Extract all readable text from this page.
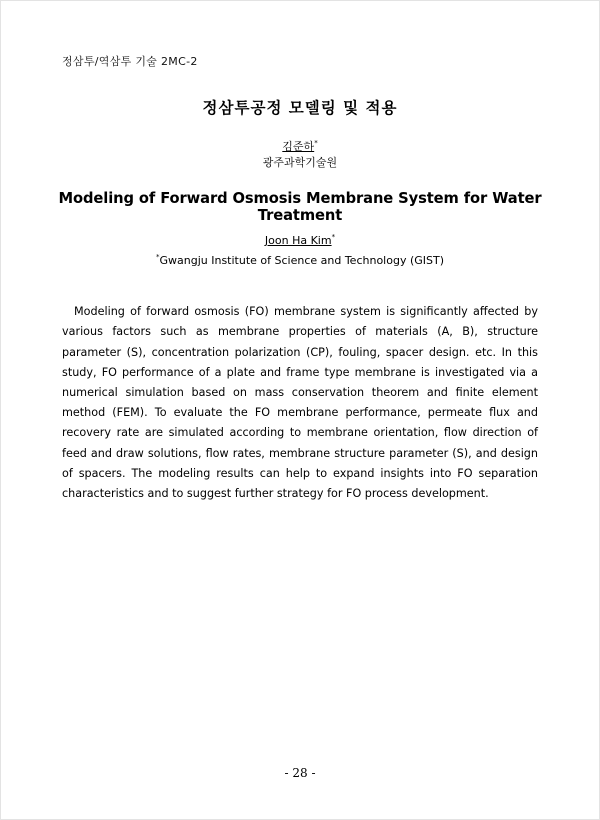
정삼투/역삼투 기술 2MC-2
정삼투공정 모델링 및 적용
김준하*
광주과학기술원
Modeling of Forward Osmosis Membrane System for Water Treatment
Joon Ha Kim*
*Gwangju Institute of Science and Technology (GIST)

Modeling of forward osmosis (FO) membrane system is significantly affected by various factors such as membrane properties of materials (A, B), structure parameter (S), concentration polarization (CP), fouling, spacer design. etc. In this study, FO performance of a plate and frame type membrane is investigated via a numerical simulation based on mass conservation theorem and finite element method (FEM). To evaluate the FO membrane performance, permeate flux and recovery rate are simulated according to membrane orientation, flow direction of feed and draw solutions, flow rates, membrane structure parameter (S), and design of spacers. The modeling results can help to expand insights into FO separation characteristics and to suggest further strategy for FO process development.

- 28 -
